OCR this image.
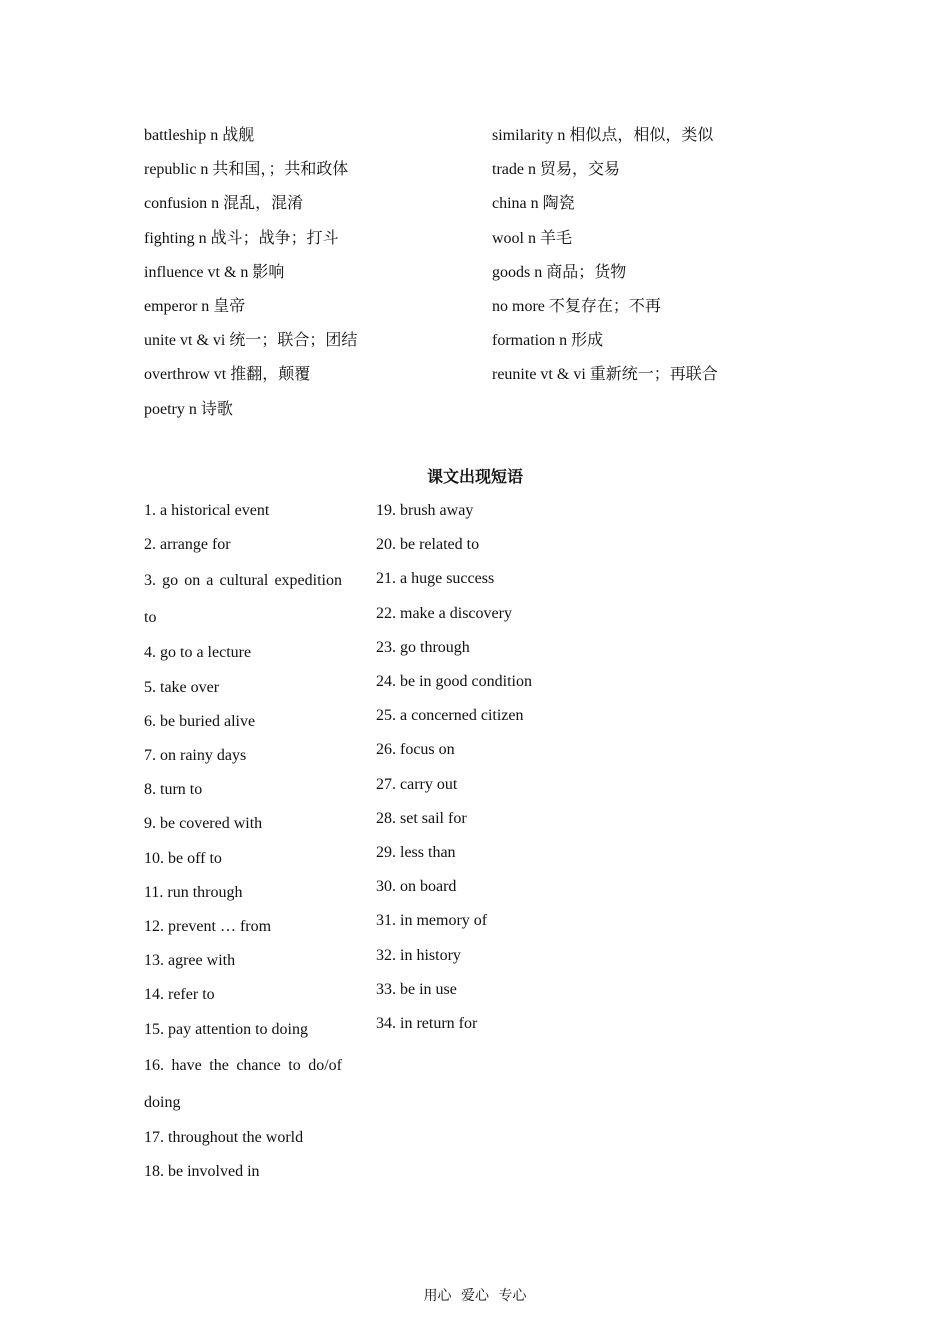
battleship n 战舰
republic n 共和国，；共和政体
confusion n 混乱，混淆
fighting n 战斗；战争；打斗
influence vt & n 影响
emperor n 皇帝
unite vt & vi 统一；联合；团结
overthrow vt 推翻，颠覆
poetry n 诗歌
similarity n 相似点，相似，类似
trade n 贸易，交易
china n 陶瓷
wool n 羊毛
goods n 商品；货物
no more 不复存在；不再
formation n 形成
reunite vt & vi 重新统一；再联合
课文出现短语
1. a historical event
2. arrange for
3. go on a cultural expedition to
4. go to a lecture
5. take over
6. be buried alive
7. on rainy days
8. turn to
9. be covered with
10. be off to
11. run through
12. prevent … from
13. agree with
14. refer to
15. pay attention to doing
16. have the chance to do/of doing
17. throughout the world
18. be involved in
19. brush away
20. be related to
21. a huge success
22. make a discovery
23. go through
24. be in good condition
25. a concerned citizen
26. focus on
27. carry out
28. set sail for
29. less than
30. on board
31. in memory of
32. in history
33. be in use
34. in return for
用心 爱心 专心
